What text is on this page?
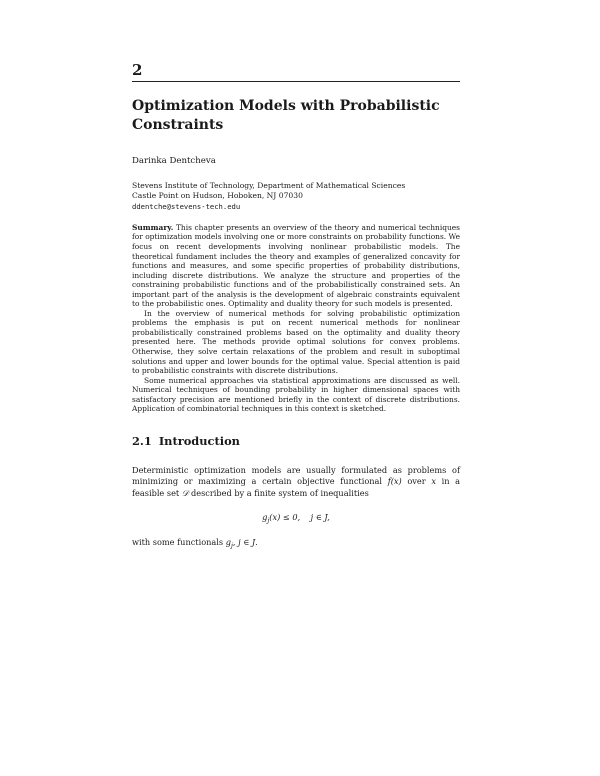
2
Optimization Models with Probabilistic
Constraints
Darinka Dentcheva
Stevens Institute of Technology, Department of Mathematical Sciences
Castle Point on Hudson, Hoboken, NJ 07030
ddentche@stevens-tech.edu

Summary. This chapter presents an overview of the theory and numerical techniques for optimization models involving one or more constraints on probability functions. We focus on recent developments involving nonlinear probabilistic models. The theoretical fundament includes the theory and examples of generalized concavity for functions and measures, and some specific properties of probability distributions, including discrete distributions. We analyze the structure and properties of the constraining probabilistic functions and of the probabilistically constrained sets. An important part of the analysis is the development of algebraic constraints equivalent to the probabilistic ones. Optimality and duality theory for such models is presented.

In the overview of numerical methods for solving probabilistic optimization problems the emphasis is put on recent numerical methods for nonlinear probabilistically constrained problems based on the optimality and duality theory presented here. The methods provide optimal solutions for convex problems. Otherwise, they solve certain relaxations of the problem and result in suboptimal solutions and upper and lower bounds for the optimal value. Special attention is paid to probabilistic constraints with discrete distributions.

Some numerical approaches via statistical approximations are discussed as well. Numerical techniques of bounding probability in higher dimensional spaces with satisfactory precision are mentioned briefly in the context of discrete distributions. Application of combinatorial techniques in this context is sketched.

2.1 Introduction

Deterministic optimization models are usually formulated as problems of minimizing or maximizing a certain objective functional f(x) over x in a feasible set 𝒟 described by a finite system of inequalities

$g_j(x) \le 0$, j ∈ J,

with some functionals $g_j$, j ∈ J.
